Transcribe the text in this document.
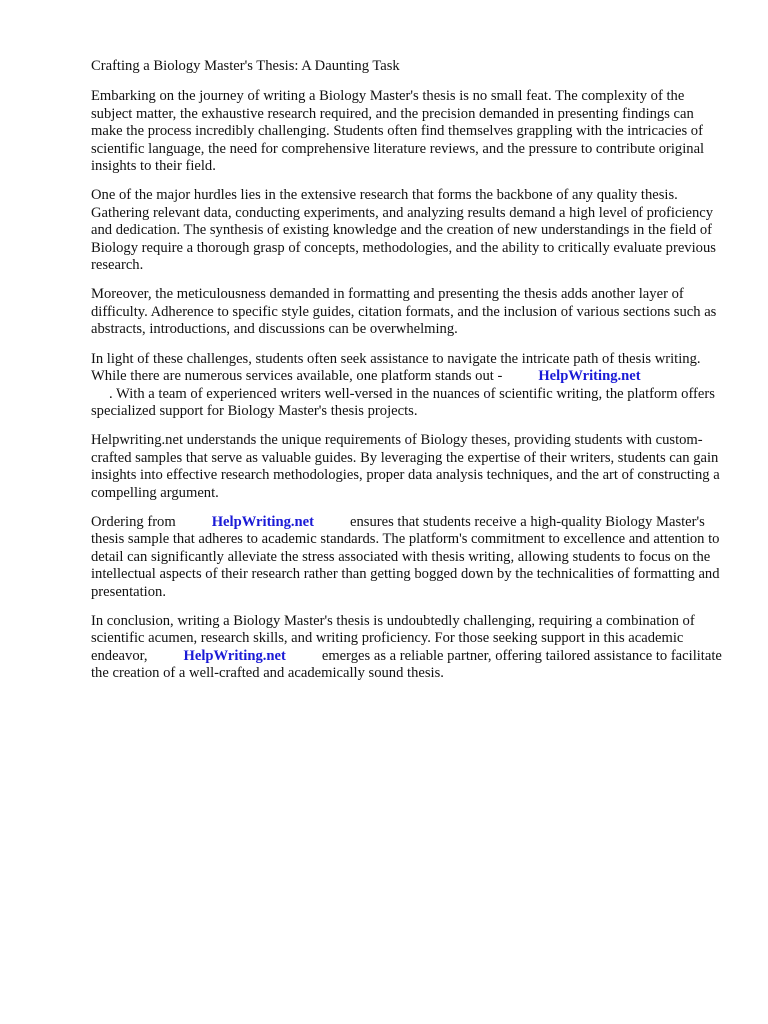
Crafting a Biology Master's Thesis: A Daunting Task

Embarking on the journey of writing a Biology Master's thesis is no small feat. The complexity of the subject matter, the exhaustive research required, and the precision demanded in presenting findings can make the process incredibly challenging. Students often find themselves grappling with the intricacies of scientific language, the need for comprehensive literature reviews, and the pressure to contribute original insights to their field.

One of the major hurdles lies in the extensive research that forms the backbone of any quality thesis. Gathering relevant data, conducting experiments, and analyzing results demand a high level of proficiency and dedication. The synthesis of existing knowledge and the creation of new understandings in the field of Biology require a thorough grasp of concepts, methodologies, and the ability to critically evaluate previous research.

Moreover, the meticulousness demanded in formatting and presenting the thesis adds another layer of difficulty. Adherence to specific style guides, citation formats, and the inclusion of various sections such as abstracts, introductions, and discussions can be overwhelming.

In light of these challenges, students often seek assistance to navigate the intricate path of thesis writing. While there are numerous services available, one platform stands out - HelpWriting.net
. With a team of experienced writers well-versed in the nuances of scientific writing, the platform offers specialized support for Biology Master's thesis projects.

Helpwriting.net understands the unique requirements of Biology theses, providing students with custom-crafted samples that serve as valuable guides. By leveraging the expertise of their writers, students can gain insights into effective research methodologies, proper data analysis techniques, and the art of constructing a compelling argument.

Ordering from HelpWriting.net ensures that students receive a high-quality Biology Master's thesis sample that adheres to academic standards. The platform's commitment to excellence and attention to detail can significantly alleviate the stress associated with thesis writing, allowing students to focus on the intellectual aspects of their research rather than getting bogged down by the technicalities of formatting and presentation.

In conclusion, writing a Biology Master's thesis is undoubtedly challenging, requiring a combination of scientific acumen, research skills, and writing proficiency. For those seeking support in this academic endeavor, HelpWriting.net emerges as a reliable partner, offering tailored assistance to facilitate the creation of a well-crafted and academically sound thesis.
